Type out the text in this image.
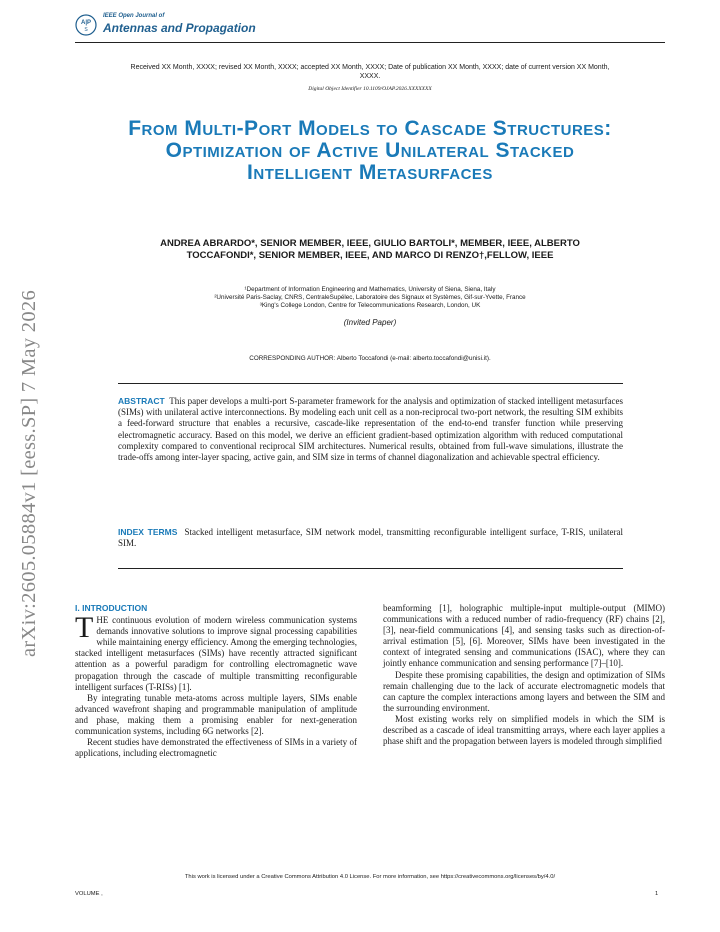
A|P
S
IEEE Open Journal of
Antennas and Propagation
arXiv:2605.05884v1 [eess.SP] 7 May 2026
Received XX Month, XXXX; revised XX Month, XXXX; accepted XX Month, XXXX; Date of publication XX Month, XXXX; date of current version XX Month, XXXX.
Digital Object Identifier 10.1109/OJAP.2026.XXXXXXX
From Multi-Port Models to Cascade Structures: Optimization of Active Unilateral Stacked Intelligent Metasurfaces
ANDREA ABRARDO*, SENIOR MEMBER, IEEE, GIULIO BARTOLI*, MEMBER, IEEE, ALBERTO TOCCAFONDI*, SENIOR MEMBER, IEEE, AND MARCO DI RENZO†,FELLOW, IEEE
¹Department of Information Engineering and Mathematics, University of Siena, Siena, Italy
²Université Paris-Saclay, CNRS, CentraleSupélec, Laboratoire des Signaux et Systèmes, Gif-sur-Yvette, France
³King's College London, Centre for Telecommunications Research, London, UK
(Invited Paper)
CORRESPONDING AUTHOR: Alberto Toccafondi (e-mail: alberto.toccafondi@unisi.it).
ABSTRACT This paper develops a multi-port S-parameter framework for the analysis and optimization of stacked intelligent metasurfaces (SIMs) with unilateral active interconnections. By modeling each unit cell as a non-reciprocal two-port network, the resulting SIM exhibits a feed-forward structure that enables a recursive, cascade-like representation of the end-to-end transfer function while preserving electromagnetic accuracy. Based on this model, we derive an efficient gradient-based optimization algorithm with reduced computational complexity compared to conventional reciprocal SIM architectures. Numerical results, obtained from full-wave simulations, illustrate the trade-offs among inter-layer spacing, active gain, and SIM size in terms of channel diagonalization and achievable spectral efficiency.
INDEX TERMS Stacked intelligent metasurface, SIM network model, transmitting reconfigurable intelligent surface, T-RIS, unilateral SIM.
I. INTRODUCTION

THE continuous evolution of modern wireless communication systems demands innovative solutions to improve signal processing capabilities while maintaining energy efficiency. Among the emerging technologies, stacked intelligent metasurfaces (SIMs) have recently attracted significant attention as a powerful paradigm for controlling electromagnetic wave propagation through the cascade of multiple transmitting reconfigurable intelligent surfaces (T-RISs) [1].

By integrating tunable meta-atoms across multiple layers, SIMs enable advanced wavefront shaping and programmable manipulation of amplitude and phase, making them a promising enabler for next-generation communication systems, including 6G networks [2].

Recent studies have demonstrated the effectiveness of SIMs in a variety of applications, including electromagnetic

beamforming [1], holographic multiple-input multiple-output (MIMO) communications with a reduced number of radio-frequency (RF) chains [2], [3], near-field communications [4], and sensing tasks such as direction-of-arrival estimation [5], [6]. Moreover, SIMs have been investigated in the context of integrated sensing and communications (ISAC), where they can jointly enhance communication and sensing performance [7]–[10].

Despite these promising capabilities, the design and optimization of SIMs remain challenging due to the lack of accurate electromagnetic models that can capture the complex interactions among layers and between the SIM and the surrounding environment.

Most existing works rely on simplified models in which the SIM is described as a cascade of ideal transmitting arrays, where each layer applies a phase shift and the propagation between layers is modeled through simplified

This work is licensed under a Creative Commons Attribution 4.0 License. For more information, see https://creativecommons.org/licenses/by/4.0/
VOLUME ,	1
